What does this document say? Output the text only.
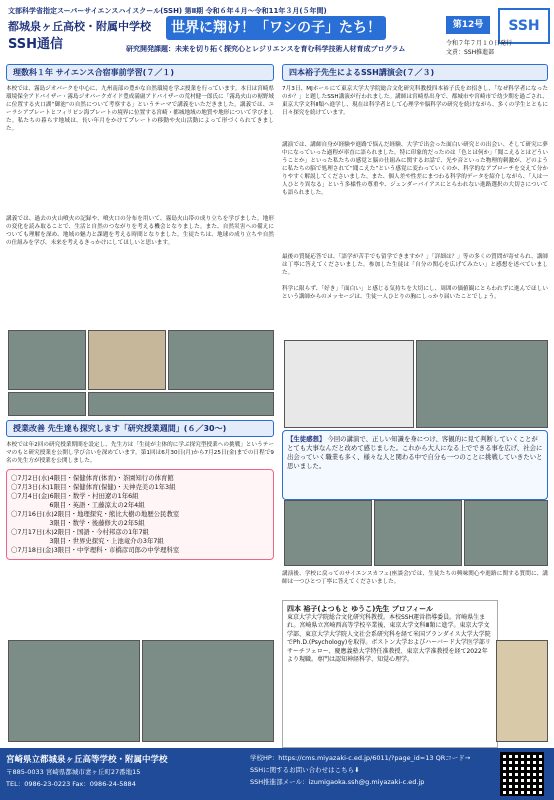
文部科学省指定スーパーサイエンスハイスクール(SSH) 第Ⅱ期 令和６年４月〜令和11年３月(５年間)
都城泉ヶ丘高校・附属中学校
SSH通信
世界に翔け！「ワシの子」たち！
研究開発課題：未来を切り拓く探究心とレジリエンスを育む科学技術人材育成プログラム
第12号	SSH
令和７年７月１０日発行
文責：SSH推進部
理数科１年 サイエンス合宿事前学習(７／１)
本校では、霧島ジオパークを中心に、九州南部の豊かな自然環境を学ぶ授業を行っています。本日は宮崎県環境保全アドバイザー・霧島ジオパークガイド豊成満庸アドバイザーの荒村健一郎氏に「霧島火山の裾野域に位置する火口湖“御池”の自然について考察する」というテーマで講義をいただきました。講義では、ユーラシアプレートとフィリピン海プレートの境界に位置する宮崎・都城地域の地質や地形について学びました。私たちの暮らす地域は、長い年月をかけてプレートの移動や火山活動によって形づくられてきました。
講義では、過去の火山噴火の記録や、噴火口の分布を用いて、霧島火山帯の成り立ちを学びました。地形の変化を読み取ることで、生活と自然のつながりを考える機会となりました。また、自然災害への備えについても理解を深め、地域の魅力と課題を考える時間となりました。生徒たちは、地球の成り立ちや自然の仕組みを学び、未来を考えるきっかけにしてほしいと思います。
授業改善 先生達も探究します「研究授業週間」(６／30〜)
本校では年2回の研究授業期間を設定し、先生方は「生徒が主体的に学ぶ探究型授業への挑戦」というテーマのもと研究授業を公開し学び合いを深めています。第1回は6月30日(月)から7月25日(金)までの日程で9名の先生方が授業を公開しました。
〇7月2日(水)4限目・保健体育(体育)・茶園知行の体育館
〇7月3日(木)1限目・保健体育(保健)・天神売美の1年3組
〇7月4日(金)6限目・数学・村田遼の1年6組
　　　　　　6限目・英語・工藤涼太の2年4組
〇7月16日(水)2限目・地理探究・熊比大樹の地歴公民教室
　　　　　　3限目・数学・後藤修大の2年5組
〇7月17日(木)2限目・国語・今村邦彦の1年7組
　　　　　　3限目・世界史探究・上池竜介の3年7組
〇7月18日(金)3限目・中学理科・市橋彦司郎の中学理科室
四本裕子先生によるSSH講演会(７／３)
7月3日、MJホールにて東京大学大学院総合文化研究科教授四本裕子氏をお招きし、「なぜ科学者になったのか？」と題したSSH講演が行われました。講師は宮崎県出身で、都城市や宮崎市で幼少期を過ごされ、東京大学文科Ⅱ類へ進学し、現在は科学者として心理学や脳科学の研究を続けながら、多くの学生とともに日々探究を続けています。
講演では、講師自身が経験や進路で悩んだ経験、大学で出会った面白い研究との出会い、そして研究に夢中になっていった過程が率直に語られました。特に印象的だったのは「色とは何か」「聞こえるとはどういうことか」といった私たちの感覚と脳の仕組みに関するお話で、光や音といった物理的刺激が、どのように私たちの脳で処理されて“聞こえた”という感覚に変わっていくのか、科学的なアプローチを交えて分かりやすく解説してくださいました。また、個人差や性差にまつわる科学的データを紹介しながら、「人は一人ひとり異なる」という多様性の尊重や、ジェンダーバイアスにとらわれない進路選択の大切さについても語られました。
最後の質疑応答では、「語学が苦手でも留学できますか？」「詳細は？」等の多くの質問が寄せられ、講師は丁寧に答えてくださいました。参加した生徒は「自分の関心を広げてみたい」と感想を述べていました。
科学に限らず、「好き」「面白い」と感じる気持ちを大切にし、周囲の価値観にとらわれずに進んでほしいという講師からのメッセージは、生徒一人ひとりの胸にしっかり届いたことでしょう。
【生徒感想】 今回の講演で、正しい知識を身につけ、客観的に見て判断していくことがとても大事なんだと改めて感じました。これから大人になる上でできる事を広げ、社会に出会っていく職業も多く、様々な人と関わる中で自分も一つのことに挑戦していきたいと思いました。
講演後、学校に戻ってのサイエンスカフェ(座談会)では、生徒たちの興味関心や進路に関する質問に、講師は一つひとつ丁寧に答えてくださいました。
四本 裕子(よつもと ゆうこ)先生 プロフィール
東京大学大学院総合文化研究科教授。本校SSH運営指導委員。宮崎県生まれ。宮崎県立宮崎西高等学校卒業後、東京大学文科Ⅲ類に進学。東京大学文学部、東京大学大学院人文社会系研究科を経て米国ブランダイス大学大学院でPh.D.(Psychology)を取得。ボストン大学およびハーバード大学医学部リサーチフェロー、慶應義塾大学特任准教授、東京大学准教授を経て2022年より現職。専門は認知神経科学、知覚心理学。
宮崎県立都城泉ヶ丘高等学校・附属中学校
〒885-0033 宮崎県都城市妻ヶ丘町27番地15
TEL：0986-23-0223 Fax：0986-24-5884
学校HP：https://cms.miyazaki-c.ed.jp/6011/?page_id=13 QRコード→
SSHに関するお問い合わせはこちら⬇
SSH推進部メール：izumigaoka.ssh@g.miyazaki-c.ed.jp
